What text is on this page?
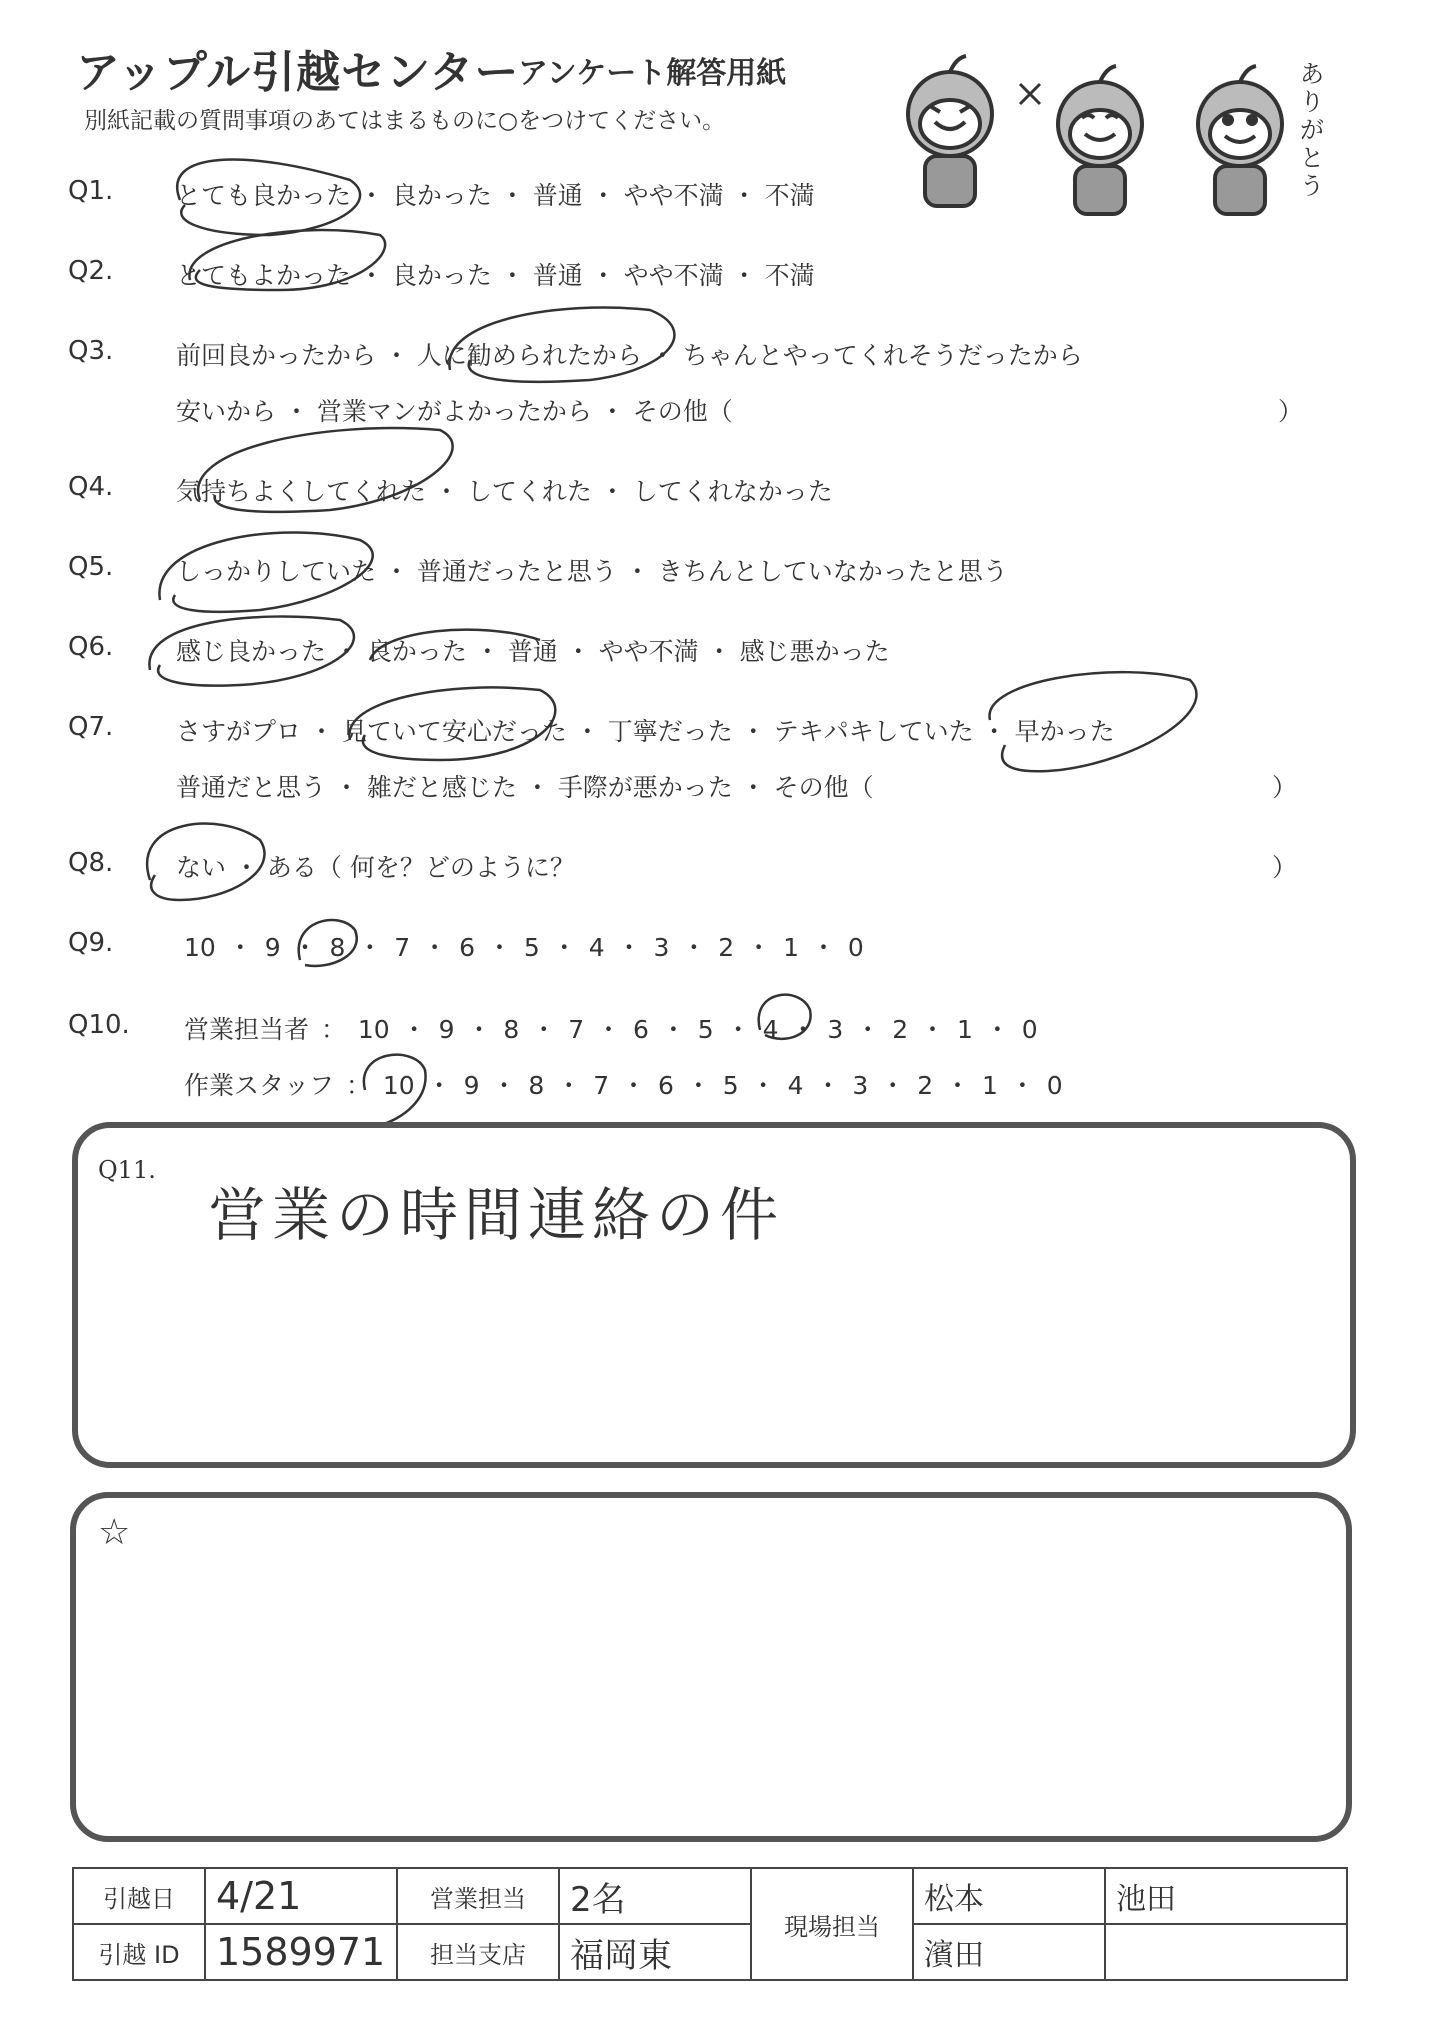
アップル引越センター
アンケート解答用紙
別紙記載の質問事項のあてはまるものに○をつけてください。
ありがとう
Q1.	とても良かった ・ 良かった ・ 普通 ・ やや不満 ・ 不満
Q2.	とてもよかった ・ 良かった ・ 普通 ・ やや不満 ・ 不満
Q3.	前回良かったから ・ 人に勧められたから ・ ちゃんとやってくれそうだったから
安いから ・ 営業マンがよかったから ・ その他（	）
Q4.	気持ちよくしてくれた ・ してくれた ・ してくれなかった
Q5.	しっかりしていた ・ 普通だったと思う ・ きちんとしていなかったと思う
Q6.	感じ良かった ・ 良かった ・ 普通 ・ やや不満 ・ 感じ悪かった
Q7.	さすがプロ ・ 見ていて安心だった ・ 丁寧だった ・ テキパキしていた ・ 早かった
普通だと思う ・ 雑だと感じた ・ 手際が悪かった ・ その他（	）
Q8.	ない ・ ある（ 何を？どのように？	）
Q9.	10 ・ 9 ・ 8 ・ 7 ・ 6 ・ 5 ・ 4 ・ 3 ・ 2 ・ 1 ・ 0
Q10. 営業担当者 ： 10 ・ 9 ・ 8 ・ 7 ・ 6 ・ 5 ・ 4 ・ 3 ・ 2 ・ 1 ・ 0
作業スタッフ ： 10 ・ 9 ・ 8 ・ 7 ・ 6 ・ 5 ・ 4 ・ 3 ・ 2 ・ 1 ・ 0
Q11.
営業の時間連絡の件
☆
引越日	4/21	営業担当	2名	現場担当	松本	池田
引越 ID	1589971	担当支店	福岡東		濱田	
